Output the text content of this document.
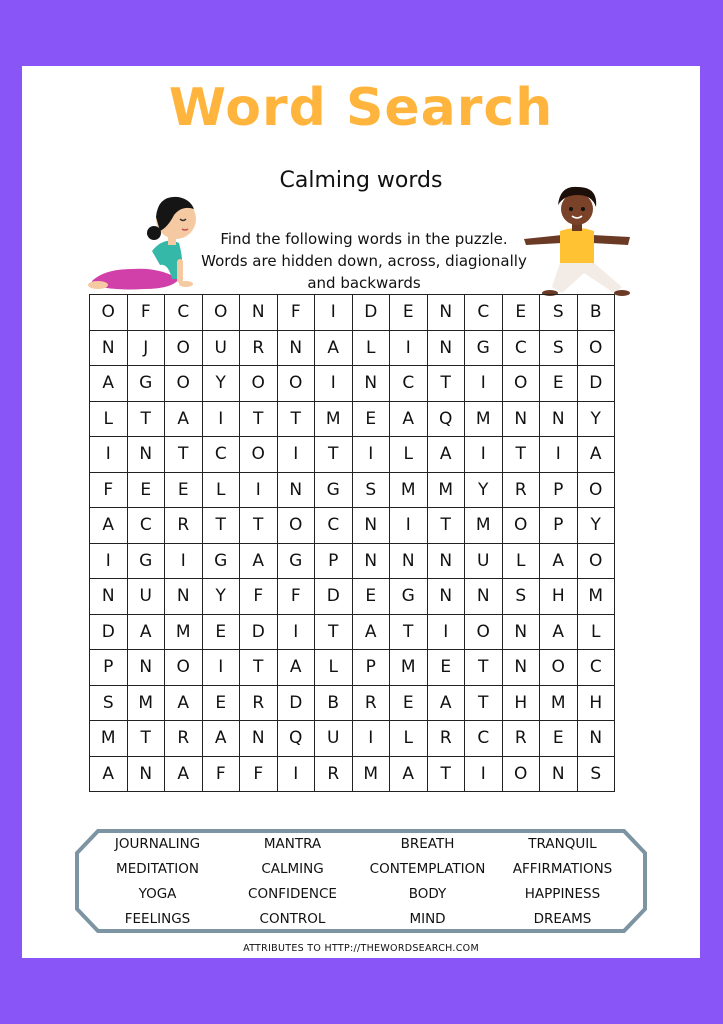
Word Search
Calming words
Find the following words in the puzzle.
Words are hidden down, across, diagionally
and backwards
O	F	C	O	N	F	I	D	E	N	C	E	S	B
N	J	O	U	R	N	A	L	I	N	G	C	S	O
A	G	O	Y	O	O	I	N	C	T	I	O	E	D
L	T	A	I	T	T	M	E	A	Q	M	N	N	Y
I	N	T	C	O	I	T	I	L	A	I	T	I	A
F	E	E	L	I	N	G	S	M	M	Y	R	P	O
A	C	R	T	T	O	C	N	I	T	M	O	P	Y
I	G	I	G	A	G	P	N	N	N	U	L	A	O
N	U	N	Y	F	F	D	E	G	N	N	S	H	M
D	A	M	E	D	I	T	A	T	I	O	N	A	L
P	N	O	I	T	A	L	P	M	E	T	N	O	C
S	M	A	E	R	D	B	R	E	A	T	H	M	H
M	T	R	A	N	Q	U	I	L	R	C	R	E	N
A	N	A	F	F	I	R	M	A	T	I	O	N	S
JOURNALING	MANTRA	BREATH	TRANQUIL
MEDITATION	CALMING	CONTEMPLATION	AFFIRMATIONS
YOGA	CONFIDENCE	BODY	HAPPINESS
FEELINGS	CONTROL	MIND	DREAMS
ATTRIBUTES TO HTTP://THEWORDSEARCH.COM
